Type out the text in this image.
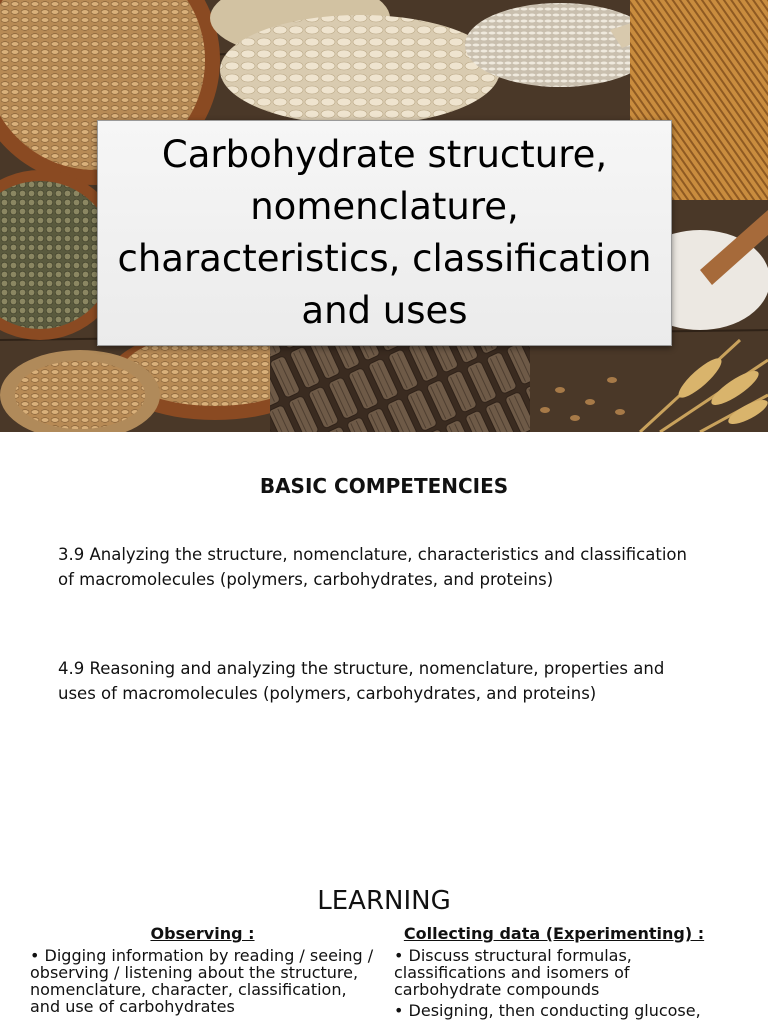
Carbohydrate structure, nomenclature, characteristics, classification and uses
BASIC COMPETENCIES

3.9 Analyzing the structure, nomenclature, characteristics and classification of macromolecules (polymers, carbohydrates, and proteins)

4.9 Reasoning and analyzing the structure, nomenclature, properties and uses of macromolecules (polymers, carbohydrates, and proteins)

LEARNING
Observing :

• Digging information by reading / seeing / observing / listening about the structure, nomenclature, character, classification, and use of carbohydrates

Collecting data (Experimenting) :

• Discuss structural formulas, classifications and isomers of carbohydrate compounds

• Designing, then conducting glucose,
